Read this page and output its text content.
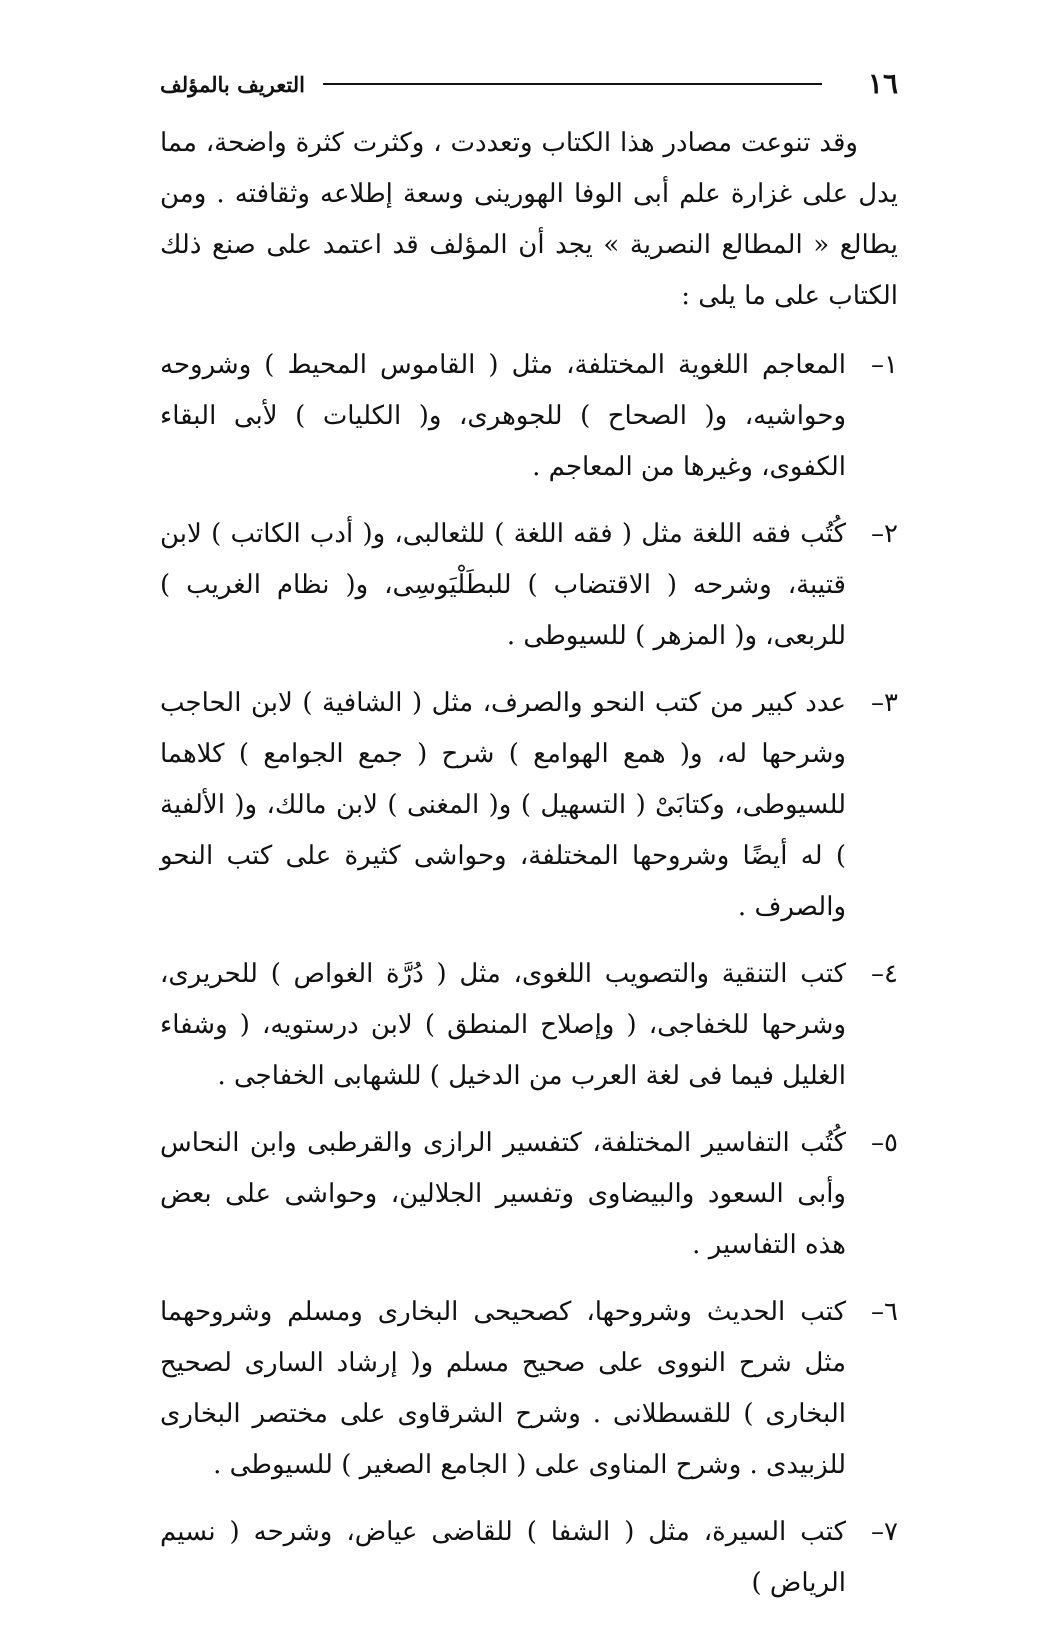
١٦
التعريف بالمؤلف

وقد تنوعت مصادر هذا الكتاب وتعددت ، وكثرت كثرة واضحة، مما يدل على غزارة علم أبى الوفا الهورينى وسعة إطلاعه وثقافته . ومن يطالع « المطالع النصرية » يجد أن المؤلف قد اعتمد على صنع ذلك الكتاب على ما يلى :

١–
المعاجم اللغوية المختلفة، مثل ( القاموس المحيط ) وشروحه وحواشيه، و( الصحاح ) للجوهرى، و( الكليات ) لأبى البقاء الكفوى، وغيرها من المعاجم .
٢–
كُتُب فقه اللغة مثل ( فقه اللغة ) للثعالبى، و( أدب الكاتب ) لابن قتيبة، وشرحه ( الاقتضاب ) للبطَلْيَوسِى، و( نظام الغريب ) للربعى، و( المزهر ) للسيوطى .
٣–
عدد كبير من كتب النحو والصرف، مثل ( الشافية ) لابن الحاجب وشرحها له، و( همع الهوامع ) شرح ( جمع الجوامع ) كلاهما للسيوطى، وكتابَىْ ( التسهيل ) و( المغنى ) لابن مالك، و( الألفية ) له أيضًا وشروحها المختلفة، وحواشى كثيرة على كتب النحو والصرف .
٤–
كتب التنقية والتصويب اللغوى، مثل ( دُرَّة الغواص ) للحريرى، وشرحها للخفاجى، ( وإصلاح المنطق ) لابن درستويه، ( وشفاء الغليل فيما فى لغة العرب من الدخيل ) للشهابى الخفاجى .
٥–
كُتُب التفاسير المختلفة، كتفسير الرازى والقرطبى وابن النحاس وأبى السعود والبيضاوى وتفسير الجلالين، وحواشى على بعض هذه التفاسير .
٦–
كتب الحديث وشروحها، كصحيحى البخارى ومسلم وشروحهما مثل شرح النووى على صحيح مسلم و( إرشاد السارى لصحيح البخارى ) للقسطلانى . وشرح الشرقاوى على مختصر البخارى للزبيدى . وشرح المناوى على ( الجامع الصغير ) للسيوطى .
٧–
كتب السيرة، مثل ( الشفا ) للقاضى عياض، وشرحه ( نسيم الرياض )
